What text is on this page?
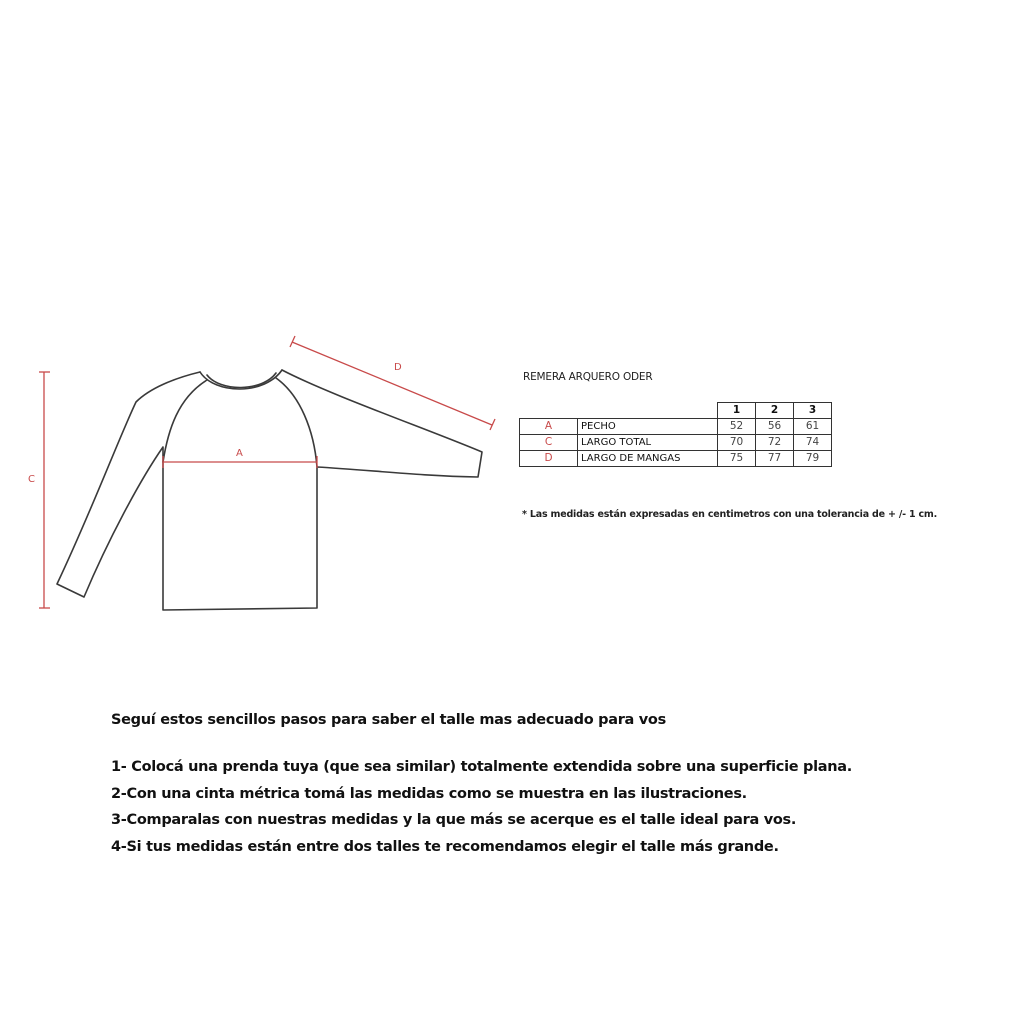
A
C
D
REMERA ARQUERO ODER
		1	2	3
A	PECHO	52	56	61
C	LARGO TOTAL	70	72	74
D	LARGO DE MANGAS	75	77	79
* Las medidas están expresadas en centimetros con una tolerancia de + /- 1 cm.

Seguí estos sencillos pasos para saber el talle mas adecuado para vos

1- Colocá una prenda tuya (que sea similar) totalmente extendida sobre una superficie plana.

2-Con una cinta métrica tomá las medidas como se muestra en las ilustraciones.

3-Comparalas con nuestras medidas y la que más se acerque es el talle ideal para vos.

4-Si tus medidas están entre dos talles te recomendamos elegir el talle más grande.
